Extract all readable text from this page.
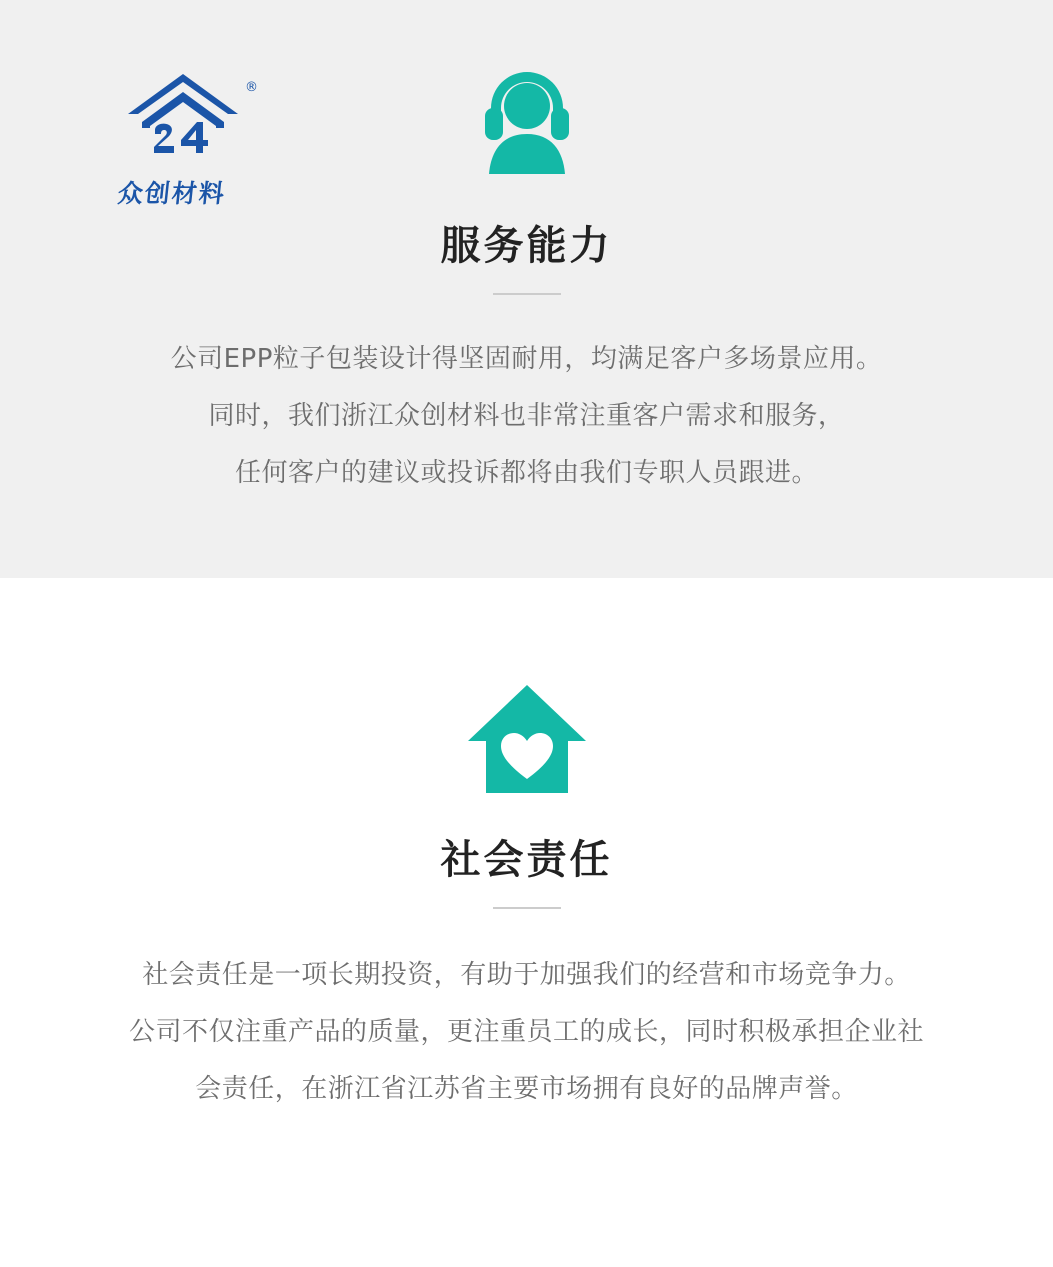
®
众创材料
服务能力

公司EPP粒子包装设计得坚固耐用，均满足客户多场景应用。

同时，我们浙江众创材料也非常注重客户需求和服务，

任何客户的建议或投诉都将由我们专职人员跟进。

社会责任

社会责任是一项长期投资，有助于加强我们的经营和市场竞争力。

公司不仅注重产品的质量，更注重员工的成长，同时积极承担企业社

会责任，在浙江省江苏省主要市场拥有良好的品牌声誉。
